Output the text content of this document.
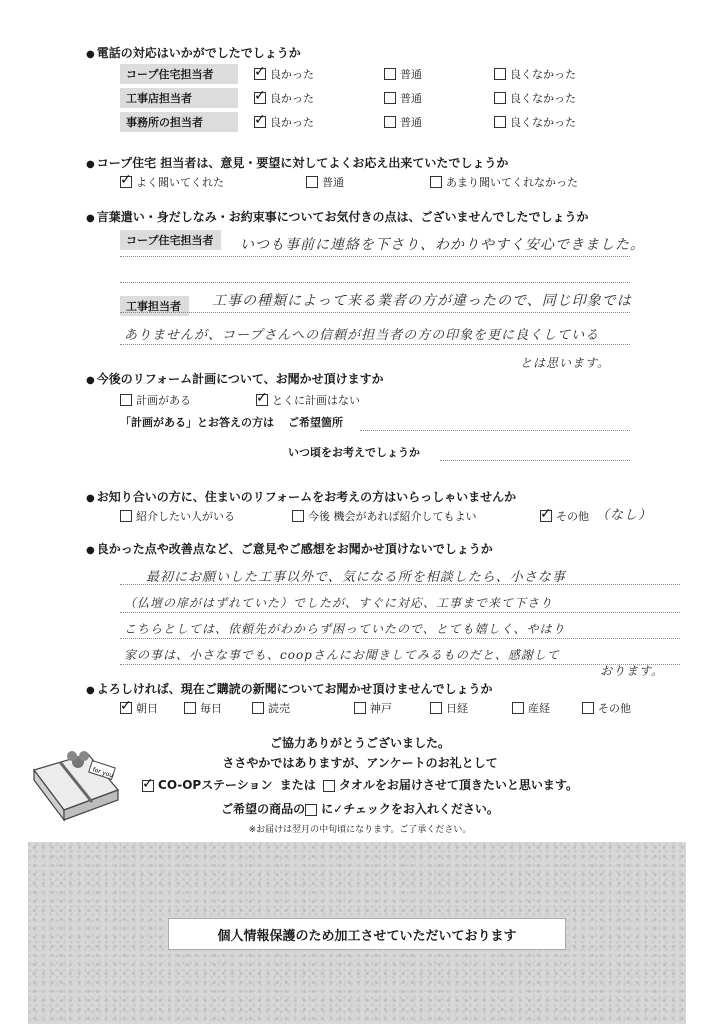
● 電話の対応はいかがでしたでしょうか
コープ住宅担当者 ✓	良かった	普通	良くなかった
工事店担当者 ✓	良かった	普通	良くなかった
事務所の担当者 ✓	良かった	普通	良くなかった
● コープ住宅 担当者は、意見・要望に対してよくお応え出来ていたでしょうか
✓
よく聞いてくれた	普通	あまり聞いてくれなかった
● 言葉遣い・身だしなみ・お約束事についてお気付きの点は、ございませんでしたでしょうか
コープ住宅担当者	いつも事前に連絡を下さり、わかりやすく安心できました。
工事担当者	工事の種類によって来る業者の方が違ったので、同じ印象では
ありませんが、コープさんへの信頼が担当者の方の印象を更に良くしている
とは思います。
● 今後のリフォーム計画について、お聞かせ頂けますか
計画がある ✓	とくに計画はない
「計画がある」とお答えの方は ご希望箇所
いつ頃をお考えでしょうか
● お知り合いの方に、住まいのリフォームをお考えの方はいらっしゃいませんか
紹介したい人がいる	今後 機会があれば紹介してもよい ✓	その他 （なし）
● 良かった点や改善点など、ご意見やご感想をお聞かせ頂けないでしょうか
最初にお願いした工事以外で、気になる所を相談したら、小さな事
（仏壇の扉がはずれていた）でしたが、すぐに対応、工事まで来て下さり
こちらとしては、依頼先がわからず困っていたので、とても嬉しく、やはり
家の事は、小さな事でも、coopさんにお聞きしてみるものだと、感謝して
おります。
● よろしければ、現在ご購読の新聞についてお聞かせ頂けませんでしょうか
✓
朝日	毎日	読売	神戸	日経	産経	その他
for you
ご協力ありがとうございました。
ささやかではありますが、アンケートのお礼として
✓CO-OPステーション または タオルをお届けさせて頂きたいと思います。
ご希望の商品の に✓チェックをお入れください。
※お届けは翌月の中旬頃になります。ご了承ください。
個人情報保護のため加工させていただいております
